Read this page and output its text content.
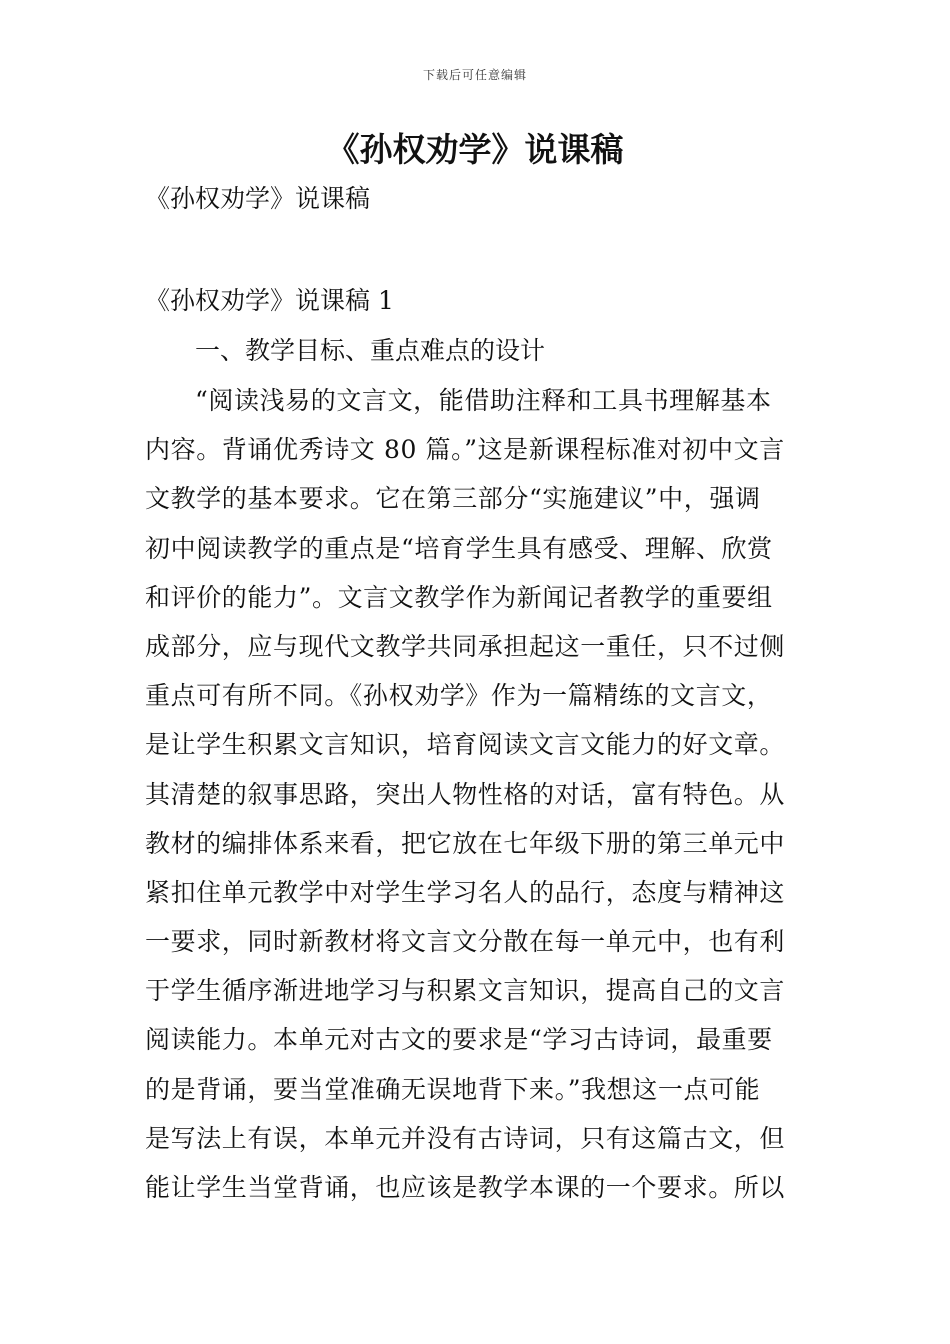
下载后可任意编辑
《孙权劝学》说课稿
《孙权劝学》说课稿
《孙权劝学》说课稿 1
一、教学目标、重点难点的设计
“阅读浅易的文言文，能借助注释和工具书理解基本
内容。背诵优秀诗文 80 篇。”这是新课程标准对初中文言
文教学的基本要求。它在第三部分“实施建议”中，强调
初中阅读教学的重点是“培育学生具有感受、理解、欣赏
和评价的能力”。文言文教学作为新闻记者教学的重要组
成部分，应与现代文教学共同承担起这一重任，只不过侧
重点可有所不同。《孙权劝学》作为一篇精练的文言文，
是让学生积累文言知识，培育阅读文言文能力的好文章。
其清楚的叙事思路，突出人物性格的对话，富有特色。从
教材的编排体系来看，把它放在七年级下册的第三单元中
紧扣住单元教学中对学生学习名人的品行，态度与精神这
一要求，同时新教材将文言文分散在每一单元中，也有利
于学生循序渐进地学习与积累文言知识，提高自己的文言
阅读能力。本单元对古文的要求是“学习古诗词，最重要
的是背诵，要当堂准确无误地背下来。”我想这一点可能
是写法上有误，本单元并没有古诗词，只有这篇古文，但
能让学生当堂背诵，也应该是教学本课的一个要求。所以
